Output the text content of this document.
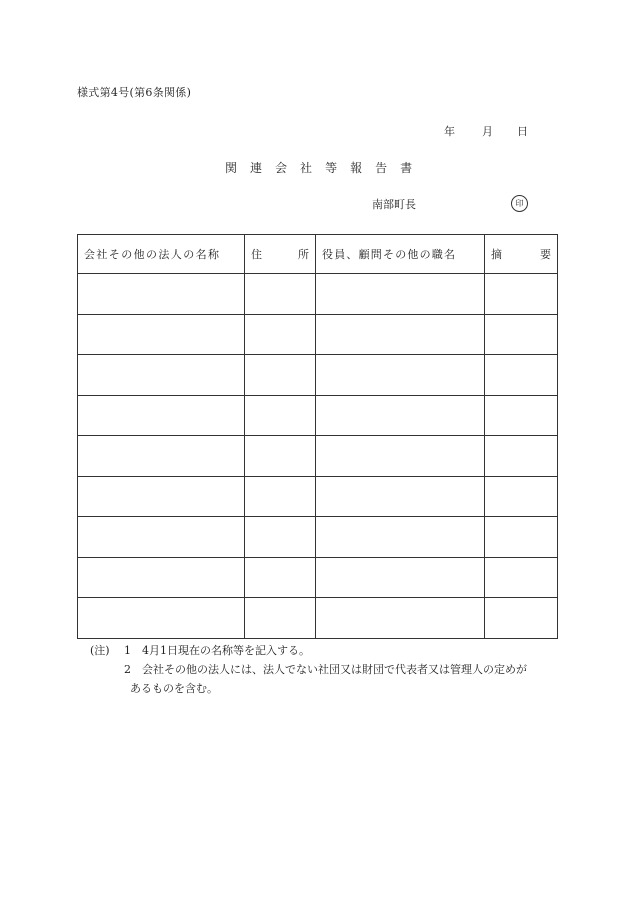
様式第4号(第6条関係)
年 月 日
関 連 会 社 等 報 告 書
南部町長	印
会社その他の法人の名称	住 所	役員、顧問その他の職名	摘 要

(注) 1 4月1日現在の名称等を記入する。
2 会社その他の法人には、法人でない社団又は財団で代表者又は管理人の定めが
あるものを含む。
